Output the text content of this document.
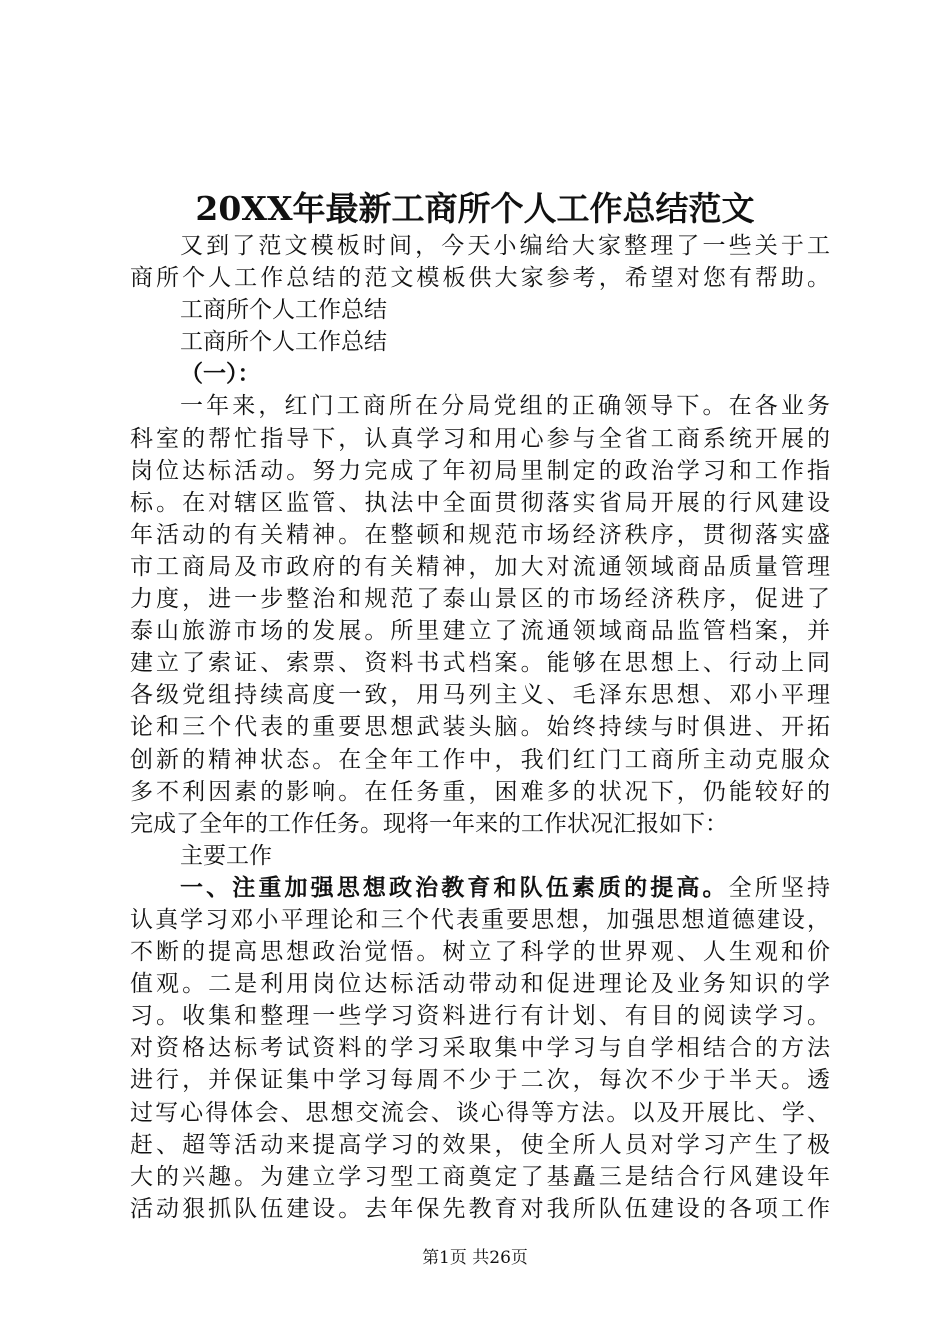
20XX年最新工商所个人工作总结范文
又到了范文模板时间，今天小编给大家整理了一些关于工
商所个人工作总结的范文模板供大家参考，希望对您有帮助。
工商所个人工作总结
工商所个人工作总结
（一）：
一年来，红门工商所在分局党组的正确领导下。在各业务
科室的帮忙指导下，认真学习和用心参与全省工商系统开展的
岗位达标活动。努力完成了年初局里制定的政治学习和工作指
标。在对辖区监管、执法中全面贯彻落实省局开展的行风建设
年活动的有关精神。在整顿和规范市场经济秩序，贯彻落实盛
市工商局及市政府的有关精神，加大对流通领域商品质量管理
力度，进一步整治和规范了泰山景区的市场经济秩序，促进了
泰山旅游市场的发展。所里建立了流通领域商品监管档案，并
建立了索证、索票、资料书式档案。能够在思想上、行动上同
各级党组持续高度一致，用马列主义、毛泽东思想、邓小平理
论和三个代表的重要思想武装头脑。始终持续与时俱进、开拓
创新的精神状态。在全年工作中，我们红门工商所主动克服众
多不利因素的影响。在任务重，困难多的状况下，仍能较好的
完成了全年的工作任务。现将一年来的工作状况汇报如下：
主要工作
一、注重加强思想政治教育和队伍素质的提高。全所坚持
认真学习邓小平理论和三个代表重要思想，加强思想道德建设，
不断的提高思想政治觉悟。树立了科学的世界观、人生观和价
值观。二是利用岗位达标活动带动和促进理论及业务知识的学
习。收集和整理一些学习资料进行有计划、有目的阅读学习。
对资格达标考试资料的学习采取集中学习与自学相结合的方法
进行，并保证集中学习每周不少于二次，每次不少于半天。透
过写心得体会、思想交流会、谈心得等方法。以及开展比、学、
赶、超等活动来提高学习的效果，使全所人员对学习产生了极
大的兴趣。为建立学习型工商奠定了基矗三是结合行风建设年
活动狠抓队伍建设。去年保先教育对我所队伍建设的各项工作
第1页 共26页
